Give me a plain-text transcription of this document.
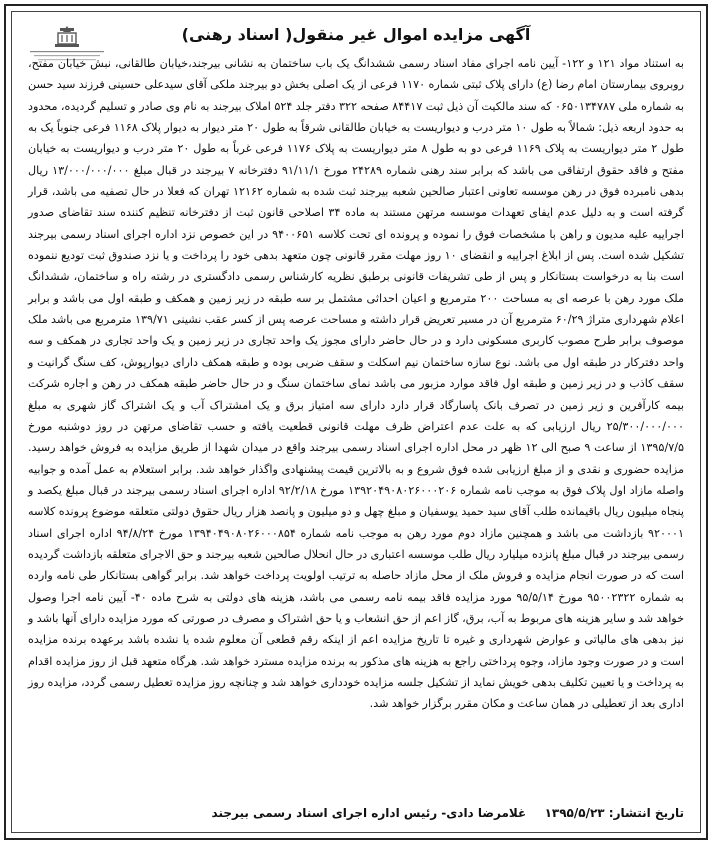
آگهی مزایده اموال غیر منقول( اسناد رهنی)
به استناد مواد ۱۲۱ و ۱۲۲- آیین نامه اجرای مفاد اسناد رسمی ششدانگ یک باب ساختمان به نشانی بیرجند،خیابان طالقانی، نبش خیابان مفتح، روبروی بیمارستان امام رضا (ع) دارای پلاک ثبتی شماره ۱۱۷۰ فرعی از یک اصلی بخش دو بیرجند ملکی آقای سیدعلی حسینی فرزند سید حسن به شماره ملی ۰۶۵۰۱۳۴۷۸۷ که سند مالکیت آن ذیل ثبت ۸۴۴۱۷ صفحه ۳۲۲ دفتر جلد ۵۲۴ املاک بیرجند به نام وی صادر و تسلیم گردیده، محدود به حدود اربعه ذیل: شمالاً به طول ۱۰ متر درب و دیواریست به خیابان طالقانی شرقاً به طول ۲۰ متر دیوار به دیوار پلاک ۱۱۶۸ فرعی جنوباً یک به طول ۲ متر دیواریست به پلاک ۱۱۶۹ فرعی دو به طول ۸ متر دیواریست به پلاک ۱۱۷۶ فرعی غرباً به طول ۲۰ متر درب و دیواریست به خیابان مفتح و فاقد حقوق ارتفاقی می باشد که برابر سند رهنی شماره ۲۴۲۸۹ مورخ ۹۱/۱۱/۱ دفترخانه ۷ بیرجند در قبال مبلغ ۱۳/۰۰۰/۰۰۰/۰۰۰ ریال بدهی نامبرده فوق در رهن موسسه تعاونی اعتبار صالحین شعبه بیرجند ثبت شده به شماره ۱۲۱۶۲ تهران که فعلا در حال تصفیه می باشد، قرار گرفته است و به دلیل عدم ایفای تعهدات موسسه مرتهن مستند به ماده ۳۴ اصلاحی قانون ثبت از دفترخانه تنظیم کننده سند تقاضای صدور اجراییه علیه مدیون و راهن با مشخصات فوق را نموده و پرونده ای تحت کلاسه ۹۴۰۰۶۵۱ در این خصوص نزد اداره اجرای اسناد رسمی بیرجند تشکیل شده است. پس از ابلاغ اجراییه و انقضای ۱۰ روز مهلت مقرر قانونی چون متعهد بدهی خود را پرداخت و یا نزد صندوق ثبت تودیع ننموده است بنا به درخواست بستانکار و پس از طی تشریفات قانونی برطبق نظریه کارشناس رسمی دادگستری در رشته راه و ساختمان، ششدانگ ملک مورد رهن با عرصه ای به مساحت ۲۰۰ مترمربع و اعیان احداثی مشتمل بر سه طبقه در زیر زمین و همکف و طبقه اول می باشد و برابر اعلام شهرداری متراژ ۶۰/۲۹ مترمربع آن در مسیر تعریض قرار داشته و مساحت عرصه پس از کسر عقب نشینی ۱۳۹/۷۱ مترمربع می باشد ملک موصوف برابر طرح مصوب کاربری مسکونی دارد و در حال حاضر دارای مجوز یک واحد تجاری در زیر زمین و یک واحد تجاری در همکف و سه واحد دفترکار در طبقه اول می باشد. نوع سازه ساختمان نیم اسکلت و سقف ضربی بوده و طبقه همکف دارای دیوارپوش، کف سنگ گرانیت و سقف کاذب و در زیر زمین و طبقه اول فاقد موارد مزبور می باشد نمای ساختمان سنگ و در حال حاضر طبقه همکف در رهن و اجاره شرکت بیمه کارآفرین و زیر زمین در تصرف بانک پاسارگاد قرار دارد دارای سه امتیاز برق و یک امشتراک آب و یک اشتراک گاز شهری به مبلغ ۲۵/۳۰۰/۰۰۰/۰۰۰ ریال ارزیابی که به علت عدم اعتراض ظرف مهلت قانونی قطعیت یافته و حسب تقاضای مرتهن در روز دوشنبه مورخ ۱۳۹۵/۷/۵ از ساعت ۹ صبح الی ۱۲ ظهر در محل اداره اجرای اسناد رسمی بیرجند واقع در میدان شهدا از طریق مزایده به فروش خواهد رسید. مزایده حضوری و نقدی و از مبلغ ارزیابی شده فوق شروع و به بالاترین قیمت پیشنهادی واگذار خواهد شد. برابر استعلام به عمل آمده و جوابیه واصله مازاد اول پلاک فوق به موجب نامه شماره ۱۳۹۲۰۴۹۰۸۰۲۶۰۰۰۲۰۶ مورخ ۹۲/۲/۱۸ اداره اجرای اسناد رسمی بیرجند در قبال مبلغ یکصد و پنجاه میلیون ریال باقیمانده طلب آقای سید حمید یوسفیان و مبلغ چهل و دو میلیون و پانصد هزار ریال حقوق دولتی متعلقه موضوع پرونده کلاسه ۹۲۰۰۰۱ بازداشت می باشد و همچنین مازاد دوم مورد رهن به موجب نامه شماره ۱۳۹۴۰۴۹۰۸۰۲۶۰۰۰۸۵۴ مورخ ۹۴/۸/۲۴ اداره اجرای اسناد رسمی بیرجند در قبال مبلغ پانزده میلیارد ریال طلب موسسه اعتباری در حال انحلال صالحین شعبه بیرجند و حق الاجرای متعلقه بازداشت گردیده است که در صورت انجام مزایده و فروش ملک از محل مازاد حاصله به ترتیب اولویت پرداخت خواهد شد. برابر گواهی بستانکار طی نامه وارده به شماره ۹۵۰۰۲۳۲۲ مورخ ۹۵/۵/۱۴ مورد مزایده فاقد بیمه نامه رسمی می باشد، هزینه های دولتی به شرح ماده ۴۰- آیین نامه اجرا وصول خواهد شد و سایر هزینه های مربوط به آب، برق، گاز اعم از حق انشعاب و یا حق اشتراک و مصرف در صورتی که مورد مزایده دارای آنها باشد و نیز بدهی های مالیاتی و عوارض شهرداری و غیره تا تاریخ مزایده اعم از اینکه رقم قطعی آن معلوم شده یا نشده باشد برعهده برنده مزایده است و در صورت وجود مازاد، وجوه پرداختی راجع به هزینه های مذکور به برنده مزایده مسترد خواهد شد. هرگاه متعهد قبل از روز مزایده اقدام به پرداخت و یا تعیین تکلیف بدهی خویش نماید از تشکیل جلسه مزایده خودداری خواهد شد و چنانچه روز مزایده تعطیل رسمی گردد، مزایده روز اداری بعد از تعطیلی در همان ساعت و مکان مقرر برگزار خواهد شد.
تاریخ انتشار: ۱۳۹۵/۵/۲۳  غلامرضا دادی- رئیس اداره اجرای اسناد رسمی بیرجند
